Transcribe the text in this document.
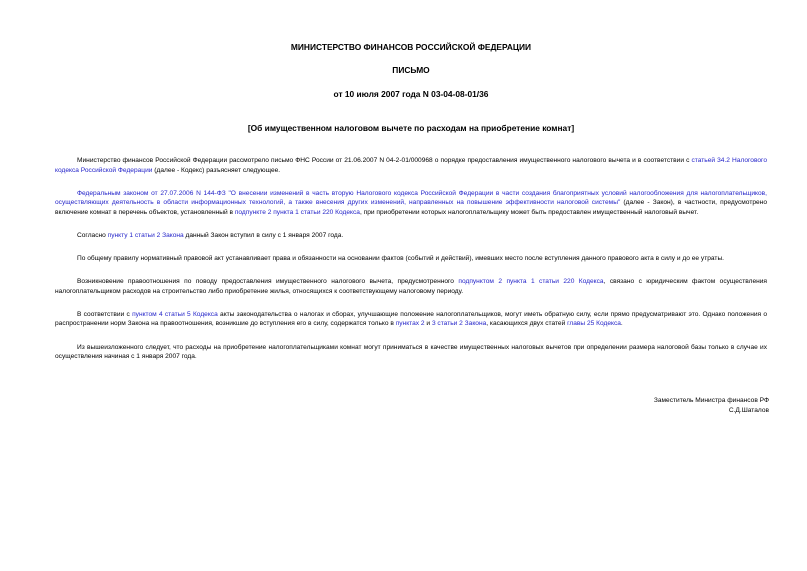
МИНИСТЕРСТВО ФИНАНСОВ РОССИЙСКОЙ ФЕДЕРАЦИИ

ПИСЬМО

от 10 июля 2007 года N 03-04-08-01/36

[Об имущественном налоговом вычете по расходам на приобретение комнат]

Министерство финансов Российской Федерации рассмотрело письмо ФНС России от 21.06.2007 N 04-2-01/000968 о порядке предоставления имущественного налогового вычета и в соответствии с статьей 34.2 Налогового кодекса Российской Федерации (далее - Кодекс) разъясняет следующее.

Федеральным законом от 27.07.2006 N 144-ФЗ "О внесении изменений в часть вторую Налогового кодекса Российской Федерации в части создания благоприятных условий налогообложения для налогоплательщиков, осуществляющих деятельность в области информационных технологий, а также внесения других изменений, направленных на повышение эффективности налоговой системы" (далее - Закон), в частности, предусмотрено включение комнат в перечень объектов, установленный в подпункте 2 пункта 1 статьи 220 Кодекса, при приобретении которых налогоплательщику может быть предоставлен имущественный налоговый вычет.

Согласно пункту 1 статьи 2 Закона данный Закон вступил в силу с 1 января 2007 года.

По общему правилу нормативный правовой акт устанавливает права и обязанности на основании фактов (событий и действий), имевших место после вступления данного правового акта в силу и до ее утраты.

Возникновение правоотношения по поводу предоставления имущественного налогового вычета, предусмотренного подпунктом 2 пункта 1 статьи 220 Кодекса, связано с юридическим фактом осуществления налогоплательщиком расходов на строительство либо приобретение жилья, относящихся к соответствующему налоговому периоду.

В соответствии с пунктом 4 статьи 5 Кодекса акты законодательства о налогах и сборах, улучшающие положение налогоплательщиков, могут иметь обратную силу, если прямо предусматривают это. Однако положения о распространении норм Закона на правоотношения, возникшие до вступления его в силу, содержатся только в пунктах 2 и 3 статьи 2 Закона, касающихся двух статей главы 25 Кодекса.

Из вышеизложенного следует, что расходы на приобретение налогоплательщиками комнат могут приниматься в качестве имущественных налоговых вычетов при определении размера налоговой базы только в случае их осуществления начиная с 1 января 2007 года.

Заместитель Министра финансов РФ
С.Д.Шаталов
